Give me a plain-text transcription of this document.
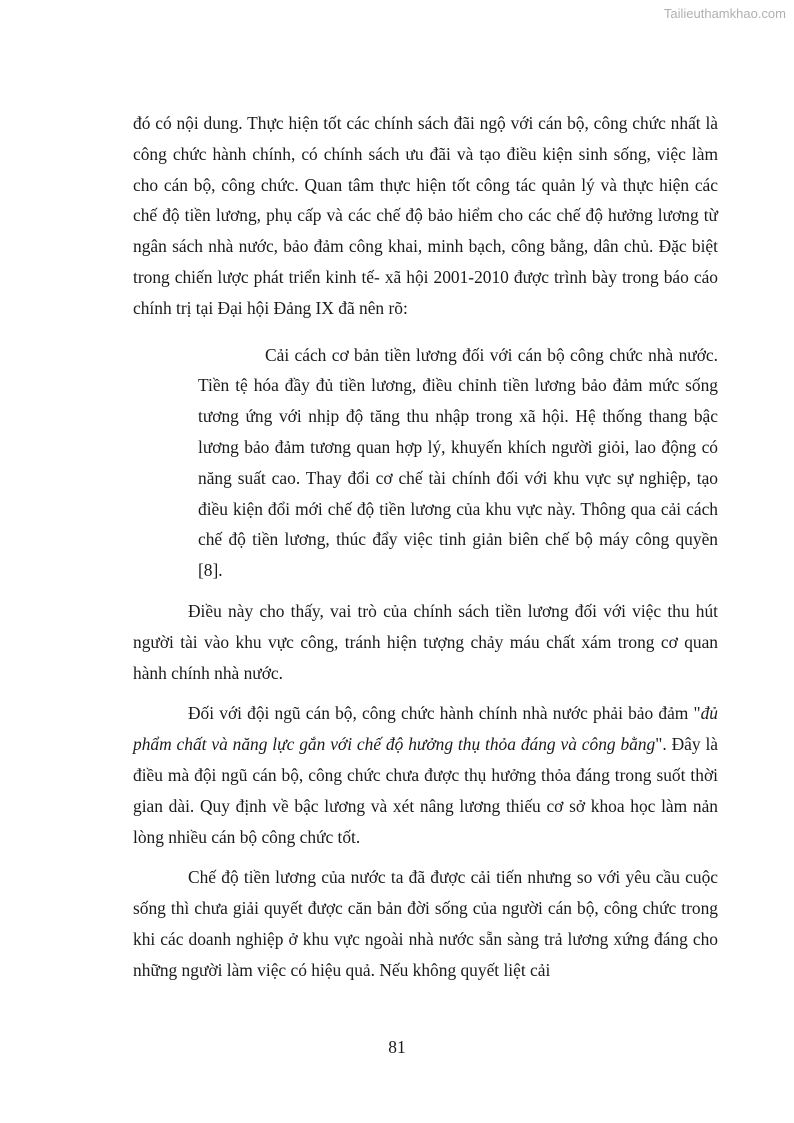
Tailieuthamkhao.com

đó có nội dung. Thực hiện tốt các chính sách đãi ngộ với cán bộ, công chức nhất là công chức hành chính, có chính sách ưu đãi và tạo điều kiện sinh sống, việc làm cho cán bộ, công chức. Quan tâm thực hiện tốt công tác quản lý và thực hiện các chế độ tiền lương, phụ cấp và các chế độ bảo hiểm cho các chế độ hưởng lương từ ngân sách nhà nước, bảo đảm công khai, minh bạch, công bằng, dân chủ. Đặc biệt trong chiến lược phát triển kinh tế- xã hội 2001-2010 được trình bày trong báo cáo chính trị tại Đại hội Đảng IX đã nên rõ:

Cải cách cơ bản tiền lương đối với cán bộ công chức nhà nước. Tiền tệ hóa đầy đủ tiền lương, điều chỉnh tiền lương bảo đảm mức sống tương ứng với nhịp độ tăng thu nhập trong xã hội. Hệ thống thang bậc lương bảo đảm tương quan hợp lý, khuyến khích người giỏi, lao động có năng suất cao. Thay đổi cơ chế tài chính đối với khu vực sự nghiệp, tạo điều kiện đổi mới chế độ tiền lương của khu vực này. Thông qua cải cách chế độ tiền lương, thúc đẩy việc tinh giản biên chế bộ máy công quyền [8].

Điều này cho thấy, vai trò của chính sách tiền lương đối với việc thu hút người tài vào khu vực công, tránh hiện tượng chảy máu chất xám trong cơ quan hành chính nhà nước.

Đối với đội ngũ cán bộ, công chức hành chính nhà nước phải bảo đảm "đủ phẩm chất và năng lực gắn với chế độ hưởng thụ thỏa đáng và công bằng". Đây là điều mà đội ngũ cán bộ, công chức chưa được thụ hưởng thỏa đáng trong suốt thời gian dài. Quy định về bậc lương và xét nâng lương thiếu cơ sở khoa học làm nản lòng nhiều cán bộ công chức tốt.

Chế độ tiền lương của nước ta đã được cải tiến nhưng so với yêu cầu cuộc sống thì chưa giải quyết được căn bản đời sống của người cán bộ, công chức trong khi các doanh nghiệp ở khu vực ngoài nhà nước sẵn sàng trả lương xứng đáng cho những người làm việc có hiệu quả. Nếu không quyết liệt cải

81
